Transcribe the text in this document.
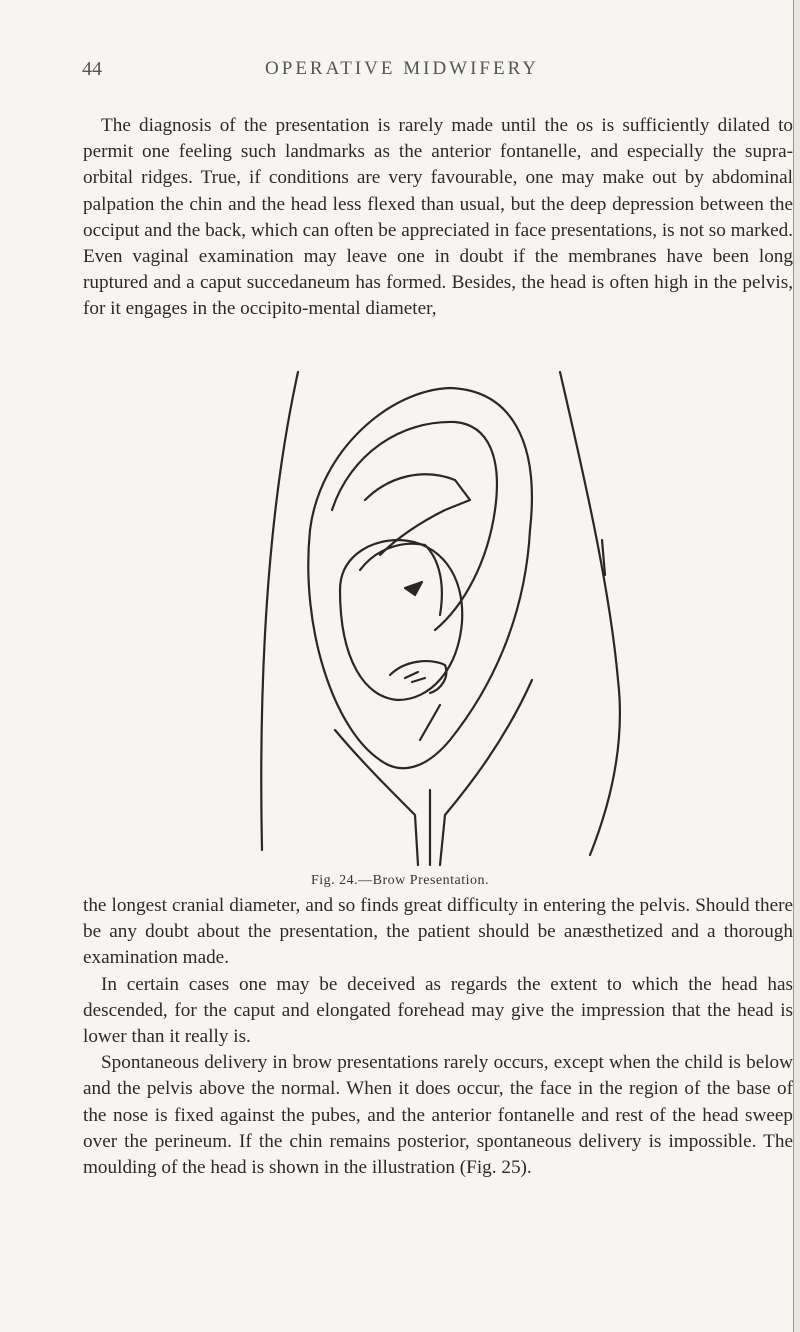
44	OPERATIVE MIDWIFERY

The diagnosis of the presentation is rarely made until the os is sufficiently dilated to permit one feeling such landmarks as the anterior fontanelle, and especially the supra-orbital ridges. True, if conditions are very favourable, one may make out by abdominal palpation the chin and the head less flexed than usual, but the deep depression between the occiput and the back, which can often be appreciated in face presentations, is not so marked. Even vaginal examination may leave one in doubt if the membranes have been long ruptured and a caput succedaneum has formed. Besides, the head is often high in the pelvis, for it engages in the occipito-mental diameter,

Fig. 24.—Brow Presentation.

the longest cranial diameter, and so finds great difficulty in entering the pelvis. Should there be any doubt about the presentation, the patient should be anæsthetized and a thorough examination made.

In certain cases one may be deceived as regards the extent to which the head has descended, for the caput and elongated forehead may give the impression that the head is lower than it really is.

Spontaneous delivery in brow presentations rarely occurs, except when the child is below and the pelvis above the normal. When it does occur, the face in the region of the base of the nose is fixed against the pubes, and the anterior fontanelle and rest of the head sweep over the perineum. If the chin remains posterior, spontaneous delivery is impossible. The moulding of the head is shown in the illustration (Fig. 25).
